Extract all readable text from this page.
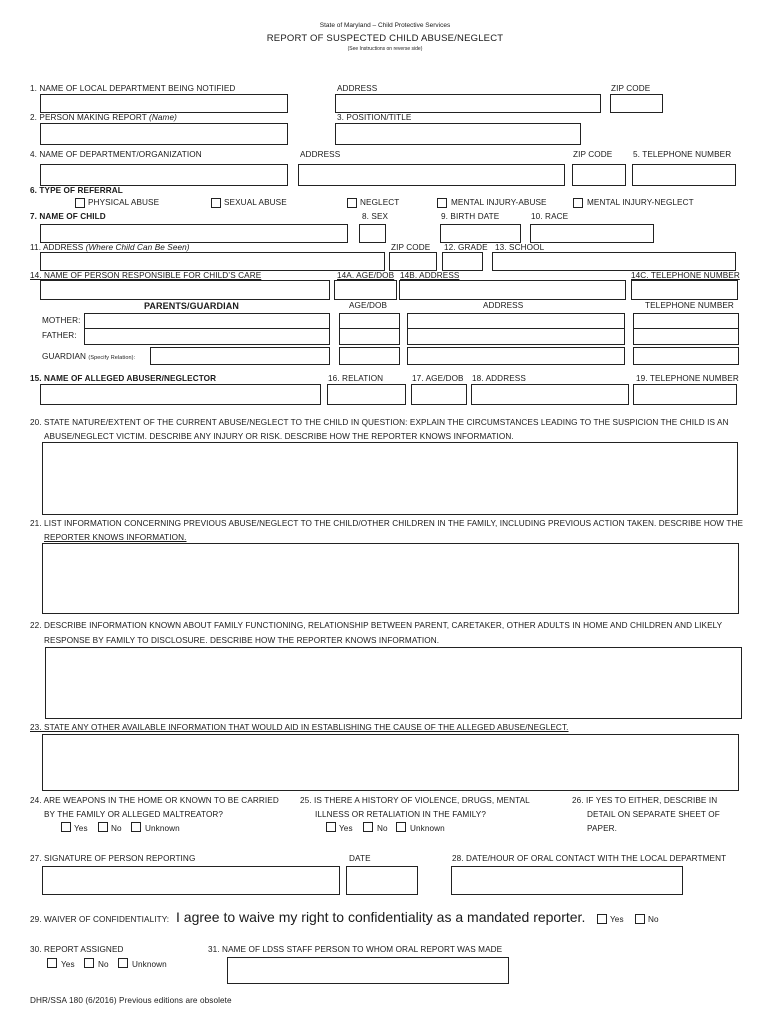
State of Maryland – Child Protective Services
REPORT OF SUSPECTED CHILD ABUSE/NEGLECT
(See Instructions on reverse side)
1. NAME OF LOCAL DEPARTMENT BEING NOTIFIED	ADDRESS	ZIP CODE
2. PERSON MAKING REPORT (Name)	3. POSITION/TITLE
4. NAME OF DEPARTMENT/ORGANIZATION	ADDRESS	ZIP CODE	5. TELEPHONE NUMBER
6. TYPE OF REFERRAL
PHYSICAL ABUSE	SEXUAL ABUSE	NEGLECT	MENTAL INJURY-ABUSE	MENTAL INJURY-NEGLECT
7. NAME OF CHILD	8. SEX	9. BIRTH DATE	10. RACE
11. ADDRESS (Where Child Can Be Seen)	ZIP CODE 12. GRADE 13. SCHOOL
14. NAME OF PERSON RESPONSIBLE FOR CHILD’S CARE	14A. AGE/DOB 14B. ADDRESS	14C. TELEPHONE NUMBER
PARENTS/GUARDIAN	AGE/DOB	ADDRESS	TELEPHONE NUMBER
MOTHER:
FATHER:
GUARDIAN (Specify Relation):
15. NAME OF ALLEGED ABUSER/NEGLECTOR	16. RELATION	17. AGE/DOB 18. ADDRESS	19. TELEPHONE NUMBER
20. STATE NATURE/EXTENT OF THE CURRENT ABUSE/NEGLECT TO THE CHILD IN QUESTION: EXPLAIN THE CIRCUMSTANCES LEADING TO THE SUSPICION THE CHILD IS AN
ABUSE/NEGLECT VICTIM. DESCRIBE ANY INJURY OR RISK. DESCRIBE HOW THE REPORTER KNOWS INFORMATION.
21. LIST INFORMATION CONCERNING PREVIOUS ABUSE/NEGLECT TO THE CHILD/OTHER CHILDREN IN THE FAMILY, INCLUDING PREVIOUS ACTION TAKEN. DESCRIBE HOW THE
REPORTER KNOWS INFORMATION.
22. DESCRIBE INFORMATION KNOWN ABOUT FAMILY FUNCTIONING, RELATIONSHIP BETWEEN PARENT, CARETAKER, OTHER ADULTS IN HOME AND CHILDREN AND LIKELY
RESPONSE BY FAMILY TO DISCLOSURE. DESCRIBE HOW THE REPORTER KNOWS INFORMATION.
23. STATE ANY OTHER AVAILABLE INFORMATION THAT WOULD AID IN ESTABLISHING THE CAUSE OF THE ALLEGED ABUSE/NEGLECT.
24. ARE WEAPONS IN THE HOME OR KNOWN TO BE CARRIED
BY THE FAMILY OR ALLEGED MALTREATOR?
Yes	No	Unknown
25. IS THERE A HISTORY OF VIOLENCE, DRUGS, MENTAL
ILLNESS OR RETALIATION IN THE FAMILY?
Yes	No	Unknown
26. IF YES TO EITHER, DESCRIBE IN
DETAIL ON SEPARATE SHEET OF
PAPER.
27. SIGNATURE OF PERSON REPORTING	DATE	28. DATE/HOUR OF ORAL CONTACT WITH THE LOCAL DEPARTMENT
29. WAIVER OF CONFIDENTIALITY: I agree to waive my right to confidentiality as a mandated reporter.	Yes	No
30. REPORT ASSIGNED
Yes	No	Unknown
31. NAME OF LDSS STAFF PERSON TO WHOM ORAL REPORT WAS MADE
DHR/SSA 180 (6/2016) Previous editions are obsolete
